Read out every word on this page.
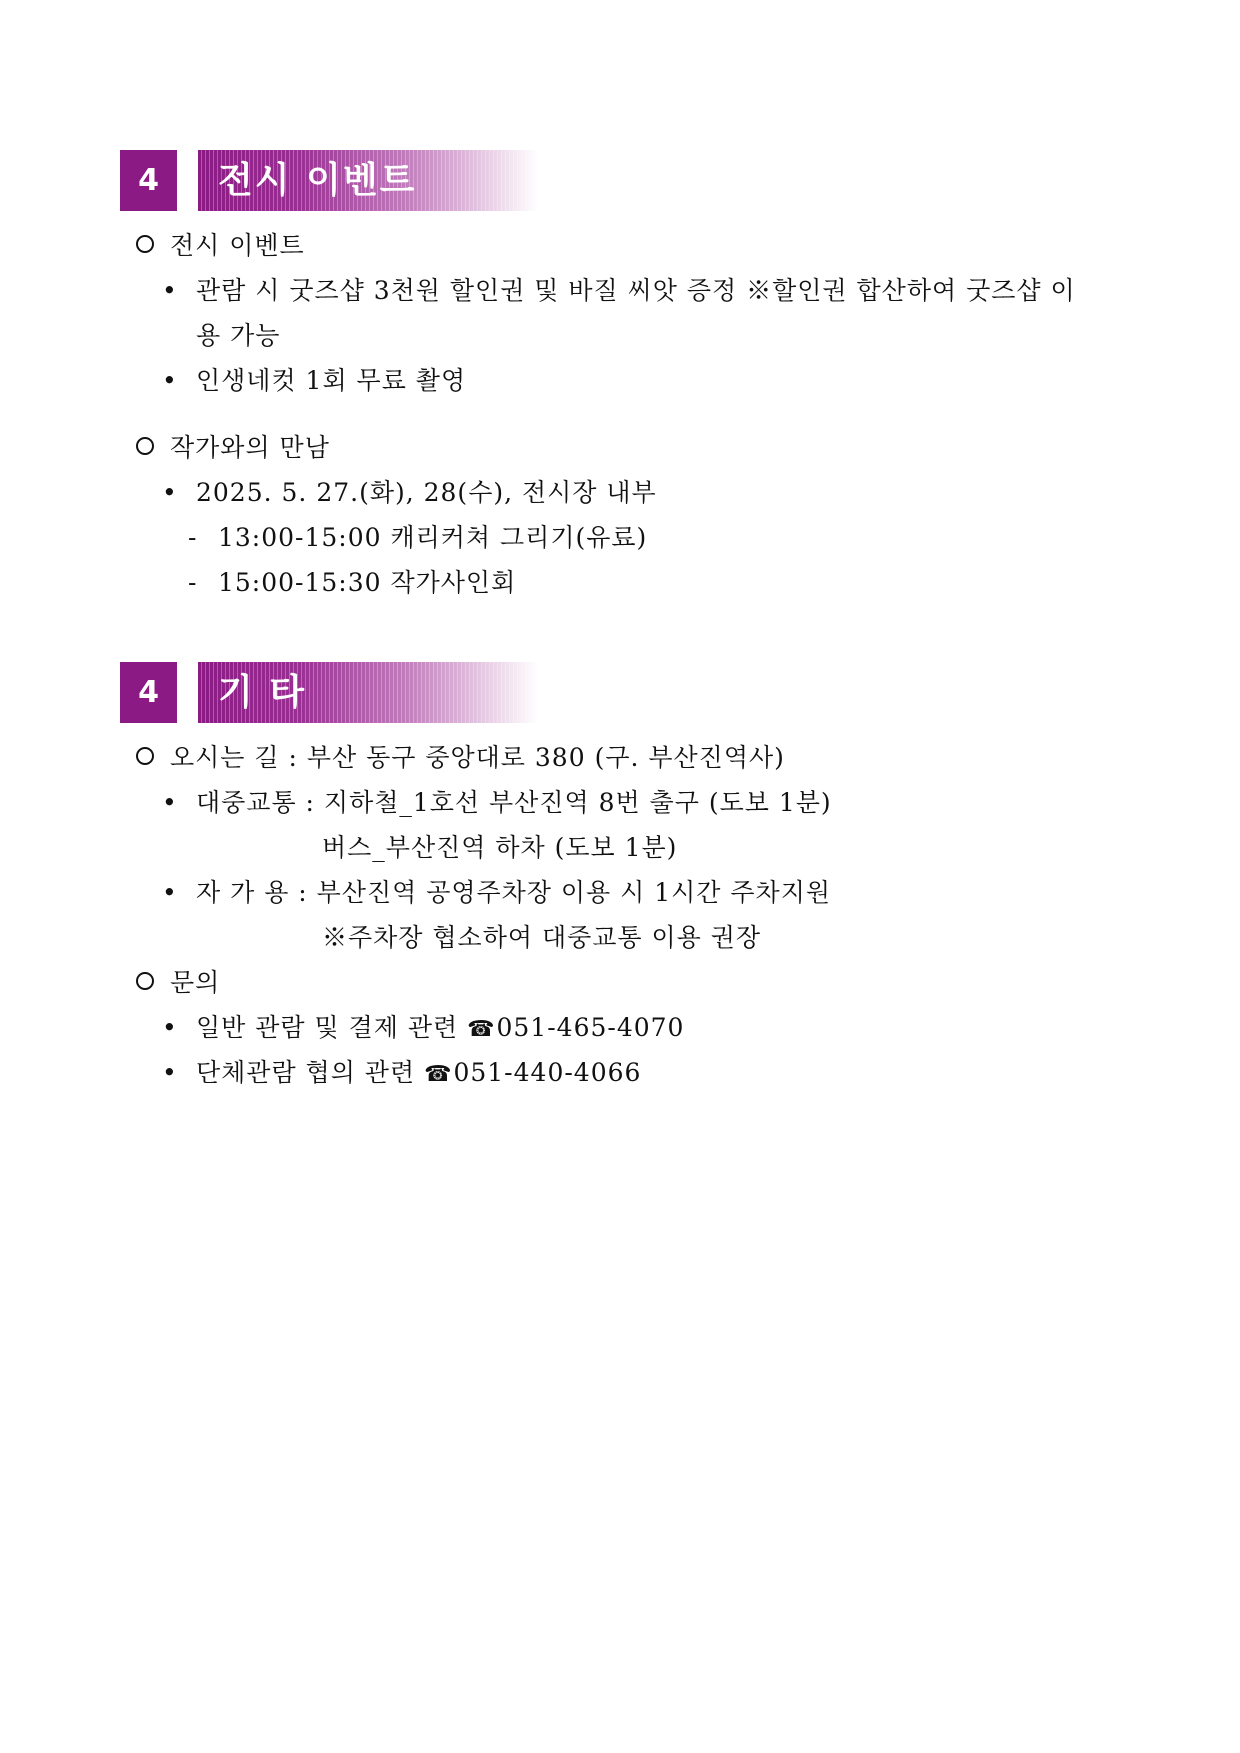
4	전시 이벤트
전시 이벤트
• 관람 시 굿즈샵 3천원 할인권 및 바질 씨앗 증정 ※할인권 합산하여 굿즈샵 이
용 가능
• 인생네컷 1회 무료 촬영
작가와의 만남
• 2025. 5. 27.(화), 28(수), 전시장 내부
- 13:00-15:00 캐리커쳐 그리기(유료)
- 15:00-15:30 작가사인회
4	기 타
오시는 길 : 부산 동구 중앙대로 380 (구. 부산진역사)
• 대중교통 : 지하철_1호선 부산진역 8번 출구 (도보 1분)
버스_부산진역 하차 (도보 1분)
• 자 가 용 : 부산진역 공영주차장 이용 시 1시간 주차지원
※주차장 협소하여 대중교통 이용 권장
문의
• 일반 관람 및 결제 관련 ☎051-465-4070
• 단체관람 협의 관련 ☎051-440-4066
